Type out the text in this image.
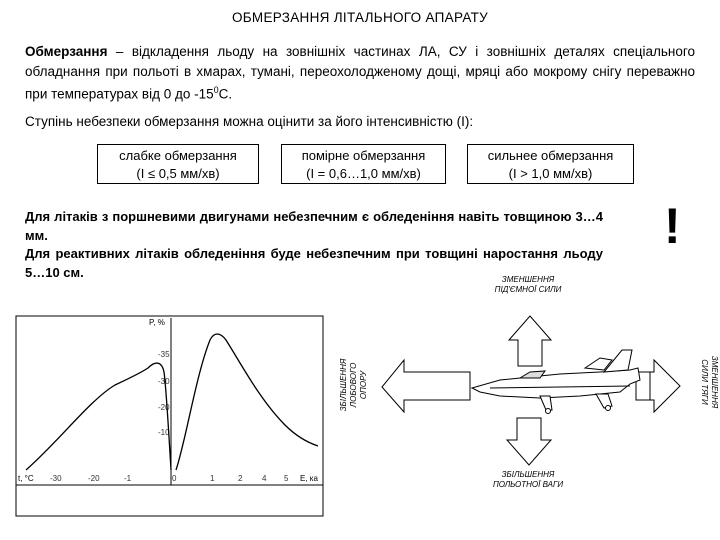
ОБМЕРЗАННЯ ЛІТАЛЬНОГО АПАРАТУ
Обмерзання – відкладення льоду на зовнішніх частинах ЛА, СУ і зовнішніх деталях спеціального обладнання при польоті в хмарах, тумані, переохолодженому дощі, мряці або мокрому снігу переважно при температурах від 0 до $-15^0С$.
Ступінь небезпеки обмерзання можна оцінити за його інтенсивністю (I):
слабке обмерзання
(I ≤ 0,5 мм/хв)
помірне обмерзання
(I = 0,6…1,0 мм/хв)
сильнее обмерзання
(I > 1,0 мм/хв)
Для літаків з поршневими двигунами небезпечним є обледеніння навіть товщиною 3…4 мм.
Для реактивних літаків обледеніння буде небезпечним при товщині наростання льоду 5…10 см.
!
P, %
t, °C	E, ка
-35
-30
-20
-10
-30	-20	-1	0	1	2 4 5
ЗМЕНШЕННЯ ПІД'ЄМНОЇ СИЛИ
ЗБІЛЬШЕННЯ ПОЛЬОТНОЇ ВАГИ
ЗБІЛЬШЕННЯЛОБОВОГООПОРУ	ЗМЕНШЕННЯСИЛИ ТЯГИ
